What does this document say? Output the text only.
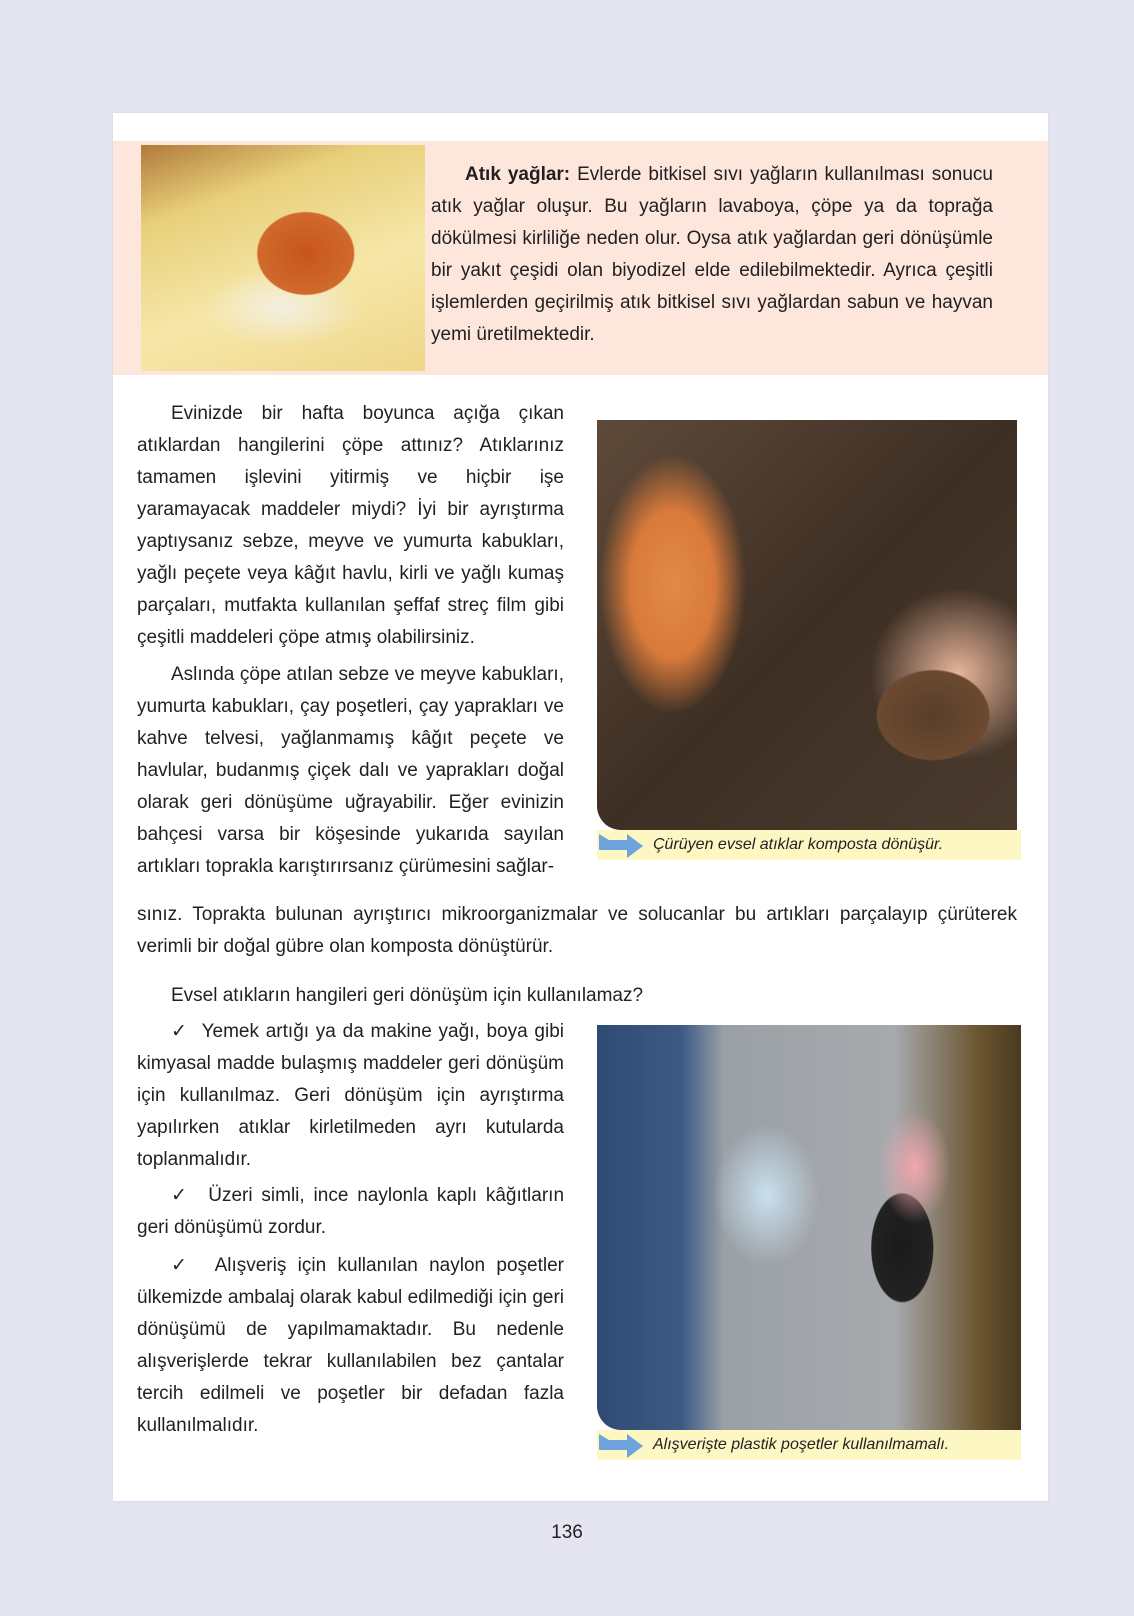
Atık yağlar: Evlerde bitkisel sıvı yağların kullanılması sonucu atık yağlar oluşur. Bu yağların lavaboya, çöpe ya da toprağa dökülmesi kirliliğe neden olur. Oysa atık yağlardan geri dönüşümle bir yakıt çeşidi olan biyodizel elde edilebilmektedir. Ayrıca çeşitli işlemlerden geçirilmiş atık bitkisel sıvı yağlardan sabun ve hayvan yemi üretilmektedir.

Evinizde bir hafta boyunca açığa çıkan atıklardan hangilerini çöpe attınız? Atıklarınız tamamen işlevini yitirmiş ve hiçbir işe yaramayacak maddeler miydi? İyi bir ayrıştırma yaptıysanız sebze, meyve ve yumurta kabukları, yağlı peçete veya kâğıt havlu, kirli ve yağlı kumaş parçaları, mutfakta kullanılan şeffaf streç film gibi çeşitli maddeleri çöpe atmış olabilirsiniz.

Aslında çöpe atılan sebze ve meyve kabukları, yumurta kabukları, çay poşetleri, çay yaprakları ve kahve telvesi, yağlanmamış kâğıt peçete ve havlular, budanmış çiçek dalı ve yaprakları doğal olarak geri dönüşüme uğrayabilir. Eğer evinizin bahçesi varsa bir köşesinde yukarıda sayılan artıkları toprakla karıştırırsanız çürümesini sağlar-

sınız. Toprakta bulunan ayrıştırıcı mikroorganizmalar ve solucanlar bu artıkları parçalayıp çürüterek verimli bir doğal gübre olan komposta dönüştürür.
Çürüyen evsel atıklar komposta dönüşür.

Evsel atıkların hangileri geri dönüşüm için kullanılamaz?

✓ Yemek artığı ya da makine yağı, boya gibi kimyasal madde bulaşmış maddeler geri dönüşüm için kullanılmaz. Geri dönüşüm için ayrıştırma yapılırken atıklar kirletilmeden ayrı kutularda toplanmalıdır.

✓ Üzeri simli, ince naylonla kaplı kâğıtların geri dönüşümü zordur.

✓ Alışveriş için kullanılan naylon poşetler ülkemizde ambalaj olarak kabul edilmediği için geri dönüşümü de yapılmamaktadır. Bu nedenle alışverişlerde tekrar kullanılabilen bez çantalar tercih edilmeli ve poşetler bir defadan fazla kullanılmalıdır.

Alışverişte plastik poşetler kullanılmamalı.
136
